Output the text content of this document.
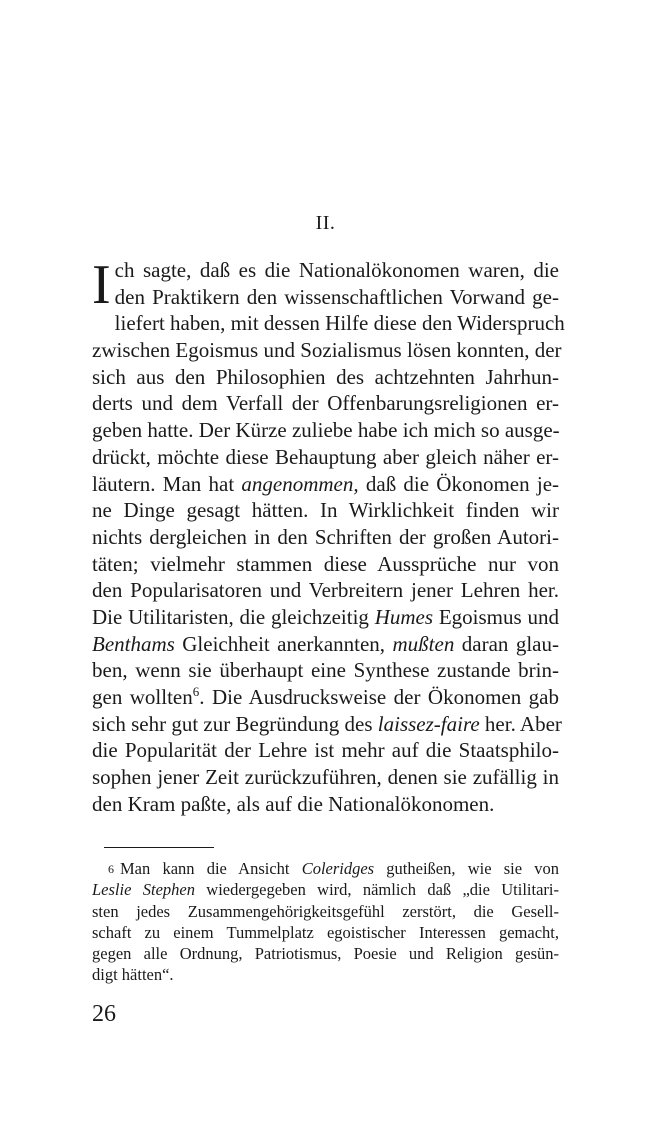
II.
I ch sagte, daß es die Nationalökonomen waren, die
den Praktikern den wissenschaftlichen Vorwand ge-
liefert haben, mit dessen Hilfe diese den Widerspruch
zwischen Egoismus und Sozialismus lösen konnten, der
sich aus den Philosophien des achtzehnten Jahrhun-
derts und dem Verfall der Offenbarungsreligionen er-
geben hatte. Der Kürze zuliebe habe ich mich so ausge-
drückt, möchte diese Behauptung aber gleich näher er-
läutern. Man hat angenommen, daß die Ökonomen je-
ne Dinge gesagt hätten. In Wirklichkeit finden wir
nichts dergleichen in den Schriften der großen Autori-
täten; vielmehr stammen diese Aussprüche nur von
den Popularisatoren und Verbreitern jener Lehren her.
Die Utilitaristen, die gleichzeitig Humes Egoismus und
Benthams Gleichheit anerkannten, mußten daran glau-
ben, wenn sie überhaupt eine Synthese zustande brin-
gen wollten$^6$. Die Ausdrucksweise der Ökonomen gab
sich sehr gut zur Begründung des laissez-faire her. Aber
die Popularität der Lehre ist mehr auf die Staatsphilo-
sophen jener Zeit zurückzuführen, denen sie zufällig in
den Kram paßte, als auf die Nationalökonomen.
6 Man kann die Ansicht Coleridges gutheißen, wie sie von
Leslie Stephen wiedergegeben wird, nämlich daß „die Utilitari-
sten jedes Zusammengehörigkeitsgefühl zerstört, die Gesell-
schaft zu einem Tummelplatz egoistischer Interessen gemacht,
gegen alle Ordnung, Patriotismus, Poesie und Religion gesün-
digt hätten“.
26
